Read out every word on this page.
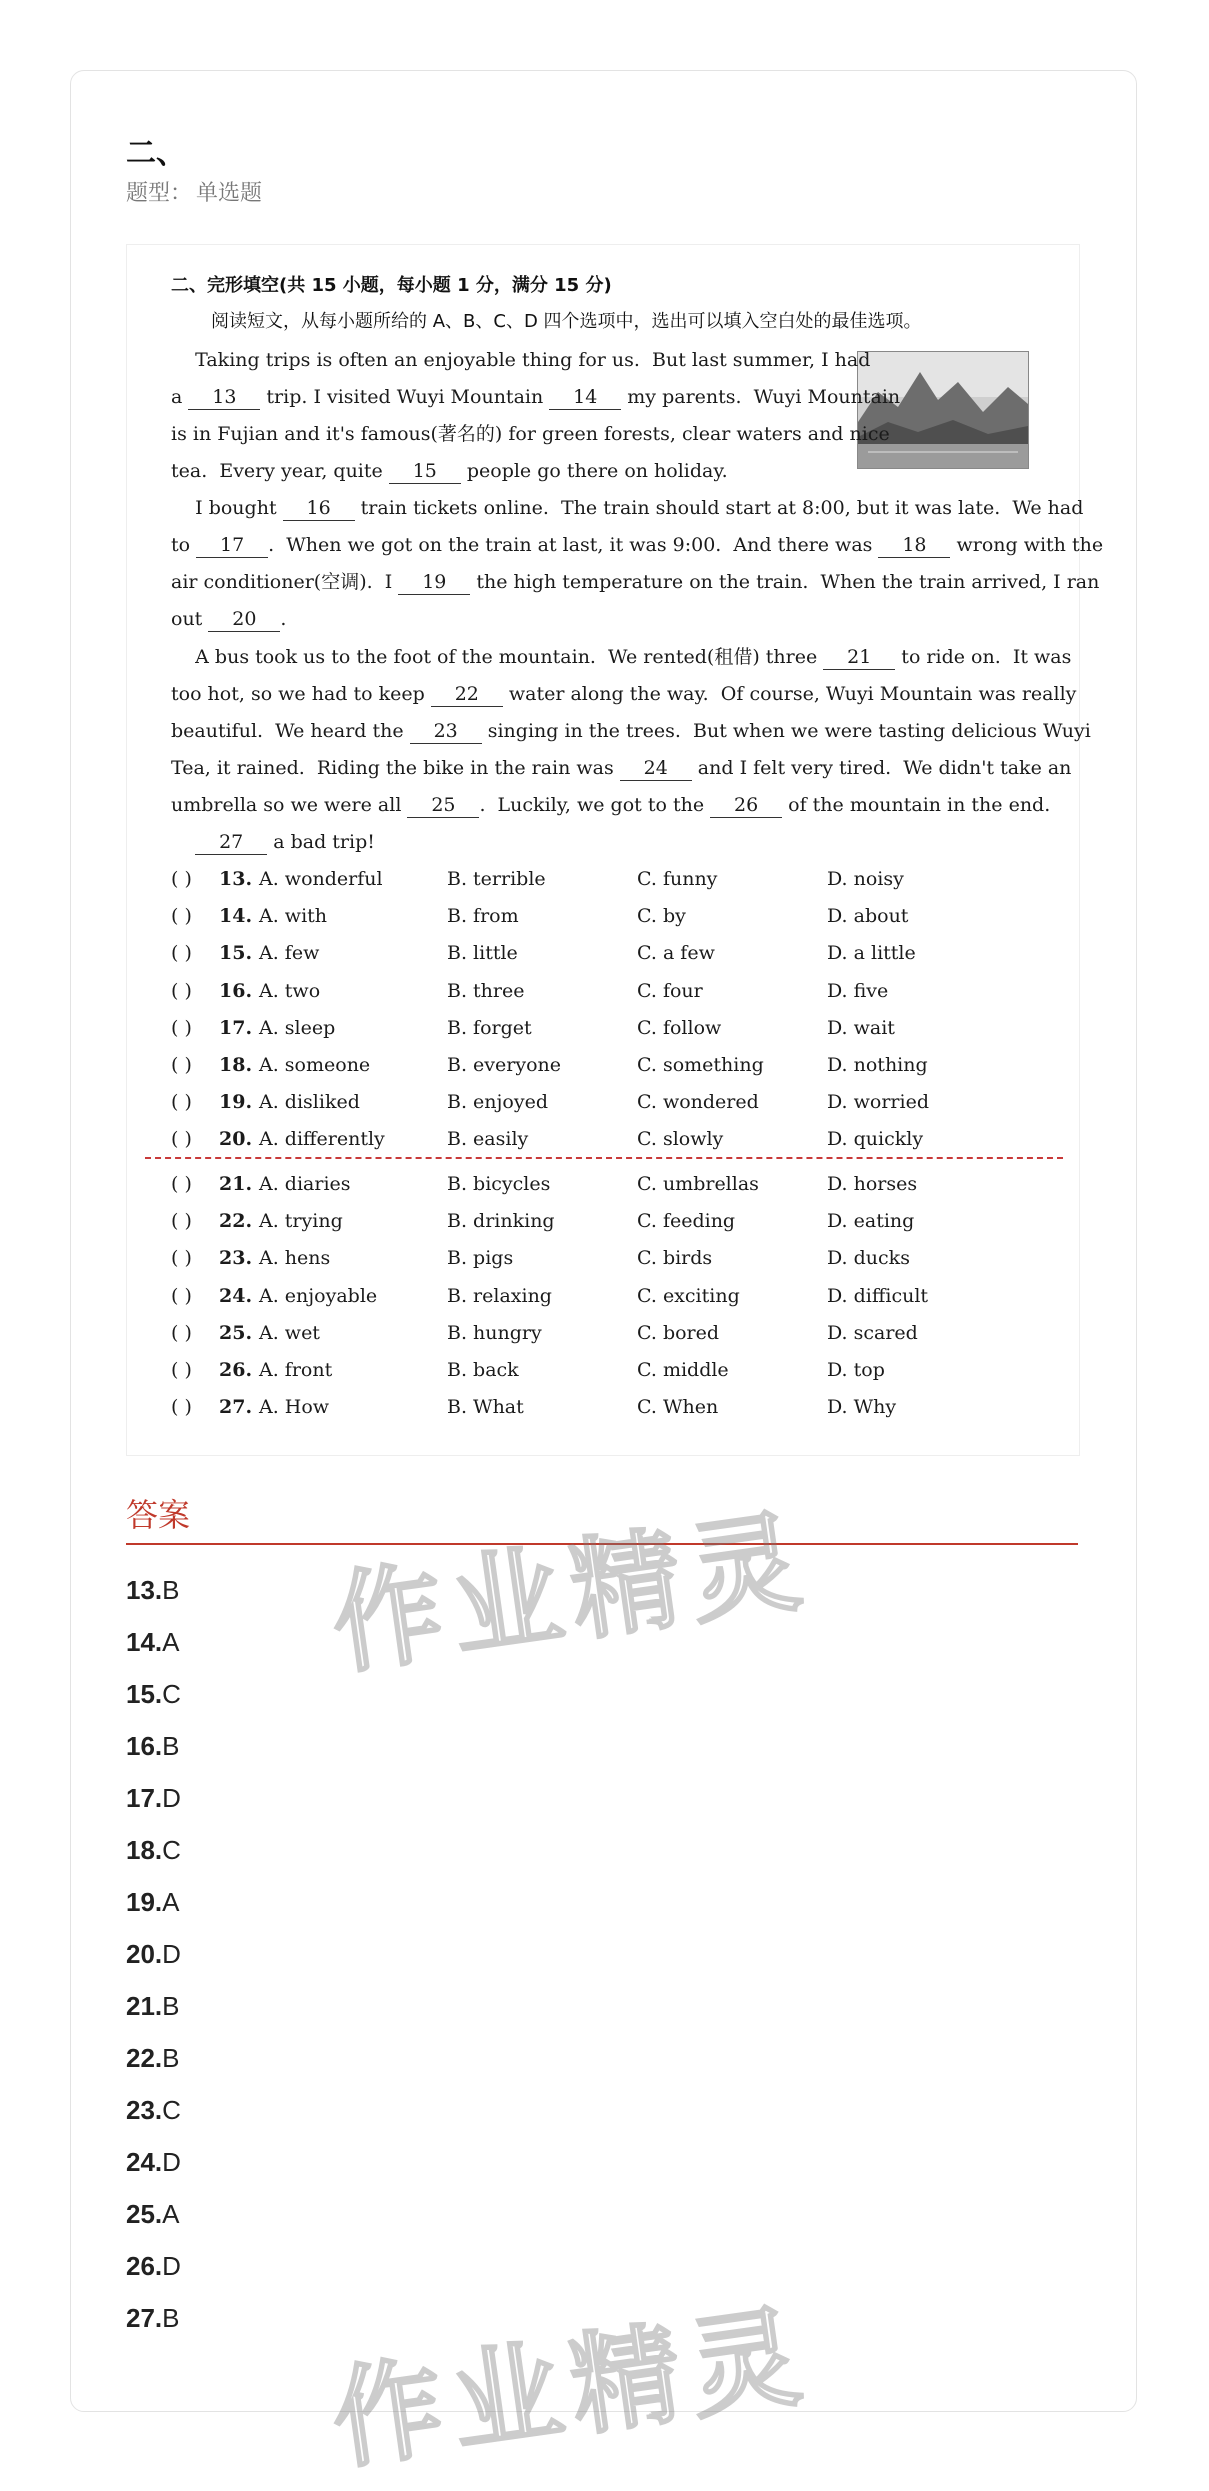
二、
题型： 单选题
二、完形填空(共 15 小题，每小题 1 分，满分 15 分)
阅读短文，从每小题所给的 A、B、C、D 四个选项中，选出可以填入空白处的最佳选项。
Taking trips is often an enjoyable thing for us.  But last summer, I had
a 13 trip. I visited Wuyi Mountain 14 my parents.  Wuyi Mountain
is in Fujian and it's famous(著名的) for green forests, clear waters and nice
tea.  Every year, quite 15 people go there on holiday.
I bought 16 train tickets online.  The train should start at 8:00, but it was late.  We had
to 17 .  When we got on the train at last, it was 9:00.  And there was 18 wrong with the
air conditioner(空调).  I 19 the high temperature on the train.  When the train arrived, I ran
out 20 .
A bus took us to the foot of the mountain.  We rented(租借) three 21 to ride on.  It was
too hot, so we had to keep 22 water along the way.  Of course, Wuyi Mountain was really
beautiful.  We heard the 23 singing in the trees.  But when we were tasting delicious Wuyi
Tea, it rained.  Riding the bike in the rain was 24 and I felt very tired.  We didn't take an
umbrella so we were all 25 .  Luckily, we got to the 26 of the mountain in the end.
27 a bad trip!
( ) 13. A. wonderful	B. terrible	C. funny	D. noisy
( ) 14. A. with	B. from	C. by	D. about
( ) 15. A. few	B. little	C. a few	D. a little
( ) 16. A. two	B. three	C. four	D. five
( ) 17. A. sleep	B. forget	C. follow	D. wait
( ) 18. A. someone	B. everyone	C. something	D. nothing
( ) 19. A. disliked	B. enjoyed	C. wondered	D. worried
( ) 20. A. differently	B. easily	C. slowly	D. quickly
( ) 21. A. diaries	B. bicycles	C. umbrellas	D. horses
( ) 22. A. trying	B. drinking	C. feeding	D. eating
( ) 23. A. hens	B. pigs	C. birds	D. ducks
( ) 24. A. enjoyable	B. relaxing	C. exciting	D. difficult
( ) 25. A. wet	B. hungry	C. bored	D. scared
( ) 26. A. front	B. back	C. middle	D. top
( ) 27. A. How	B. What	C. When	D. Why
答案
13.B
14.A
15.C
16.B
17.D
18.C
19.A
20.D
21.B
22.B
23.C
24.D
25.A
26.D
27.B
作业精灵
作业精灵
